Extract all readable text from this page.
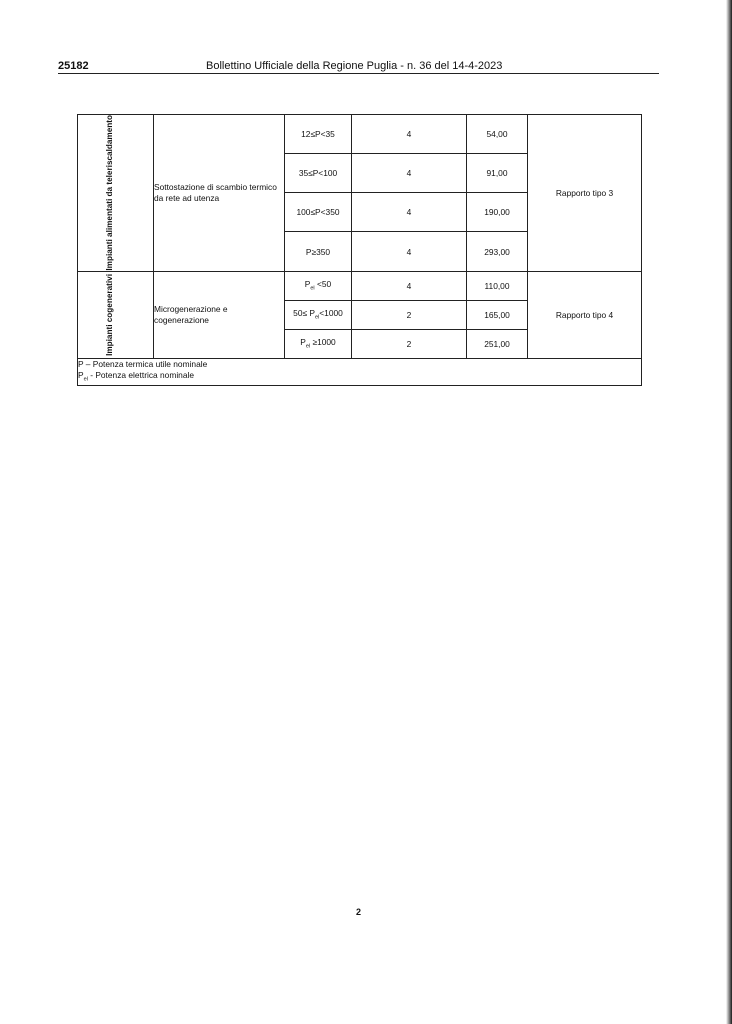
25182	Bollettino Ufficiale della Regione Puglia - n. 36 del 14-4-2023
Impianti alimentati da teleriscaldamento	Sottostazione di scambio termico da rete ad utenza	12≤P<35	4	54,00	Rapporto tipo 3
		35≤P<100	4	91,00	
		100≤P<350	4	190,00	
		P≥350	4	293,00	

Impianti cogenerativi	Microgenerazione e cogenerazione	$P_{el} <50$	4	110,00	Rapporto tipo 4
		$50\le P_{el}<1000$	2	165,00	
		$P_{el} \ge 1000$	2	251,00	

P – Potenza termica utile nominale
$P_{el}$ - Potenza elettrica nominale					
2
